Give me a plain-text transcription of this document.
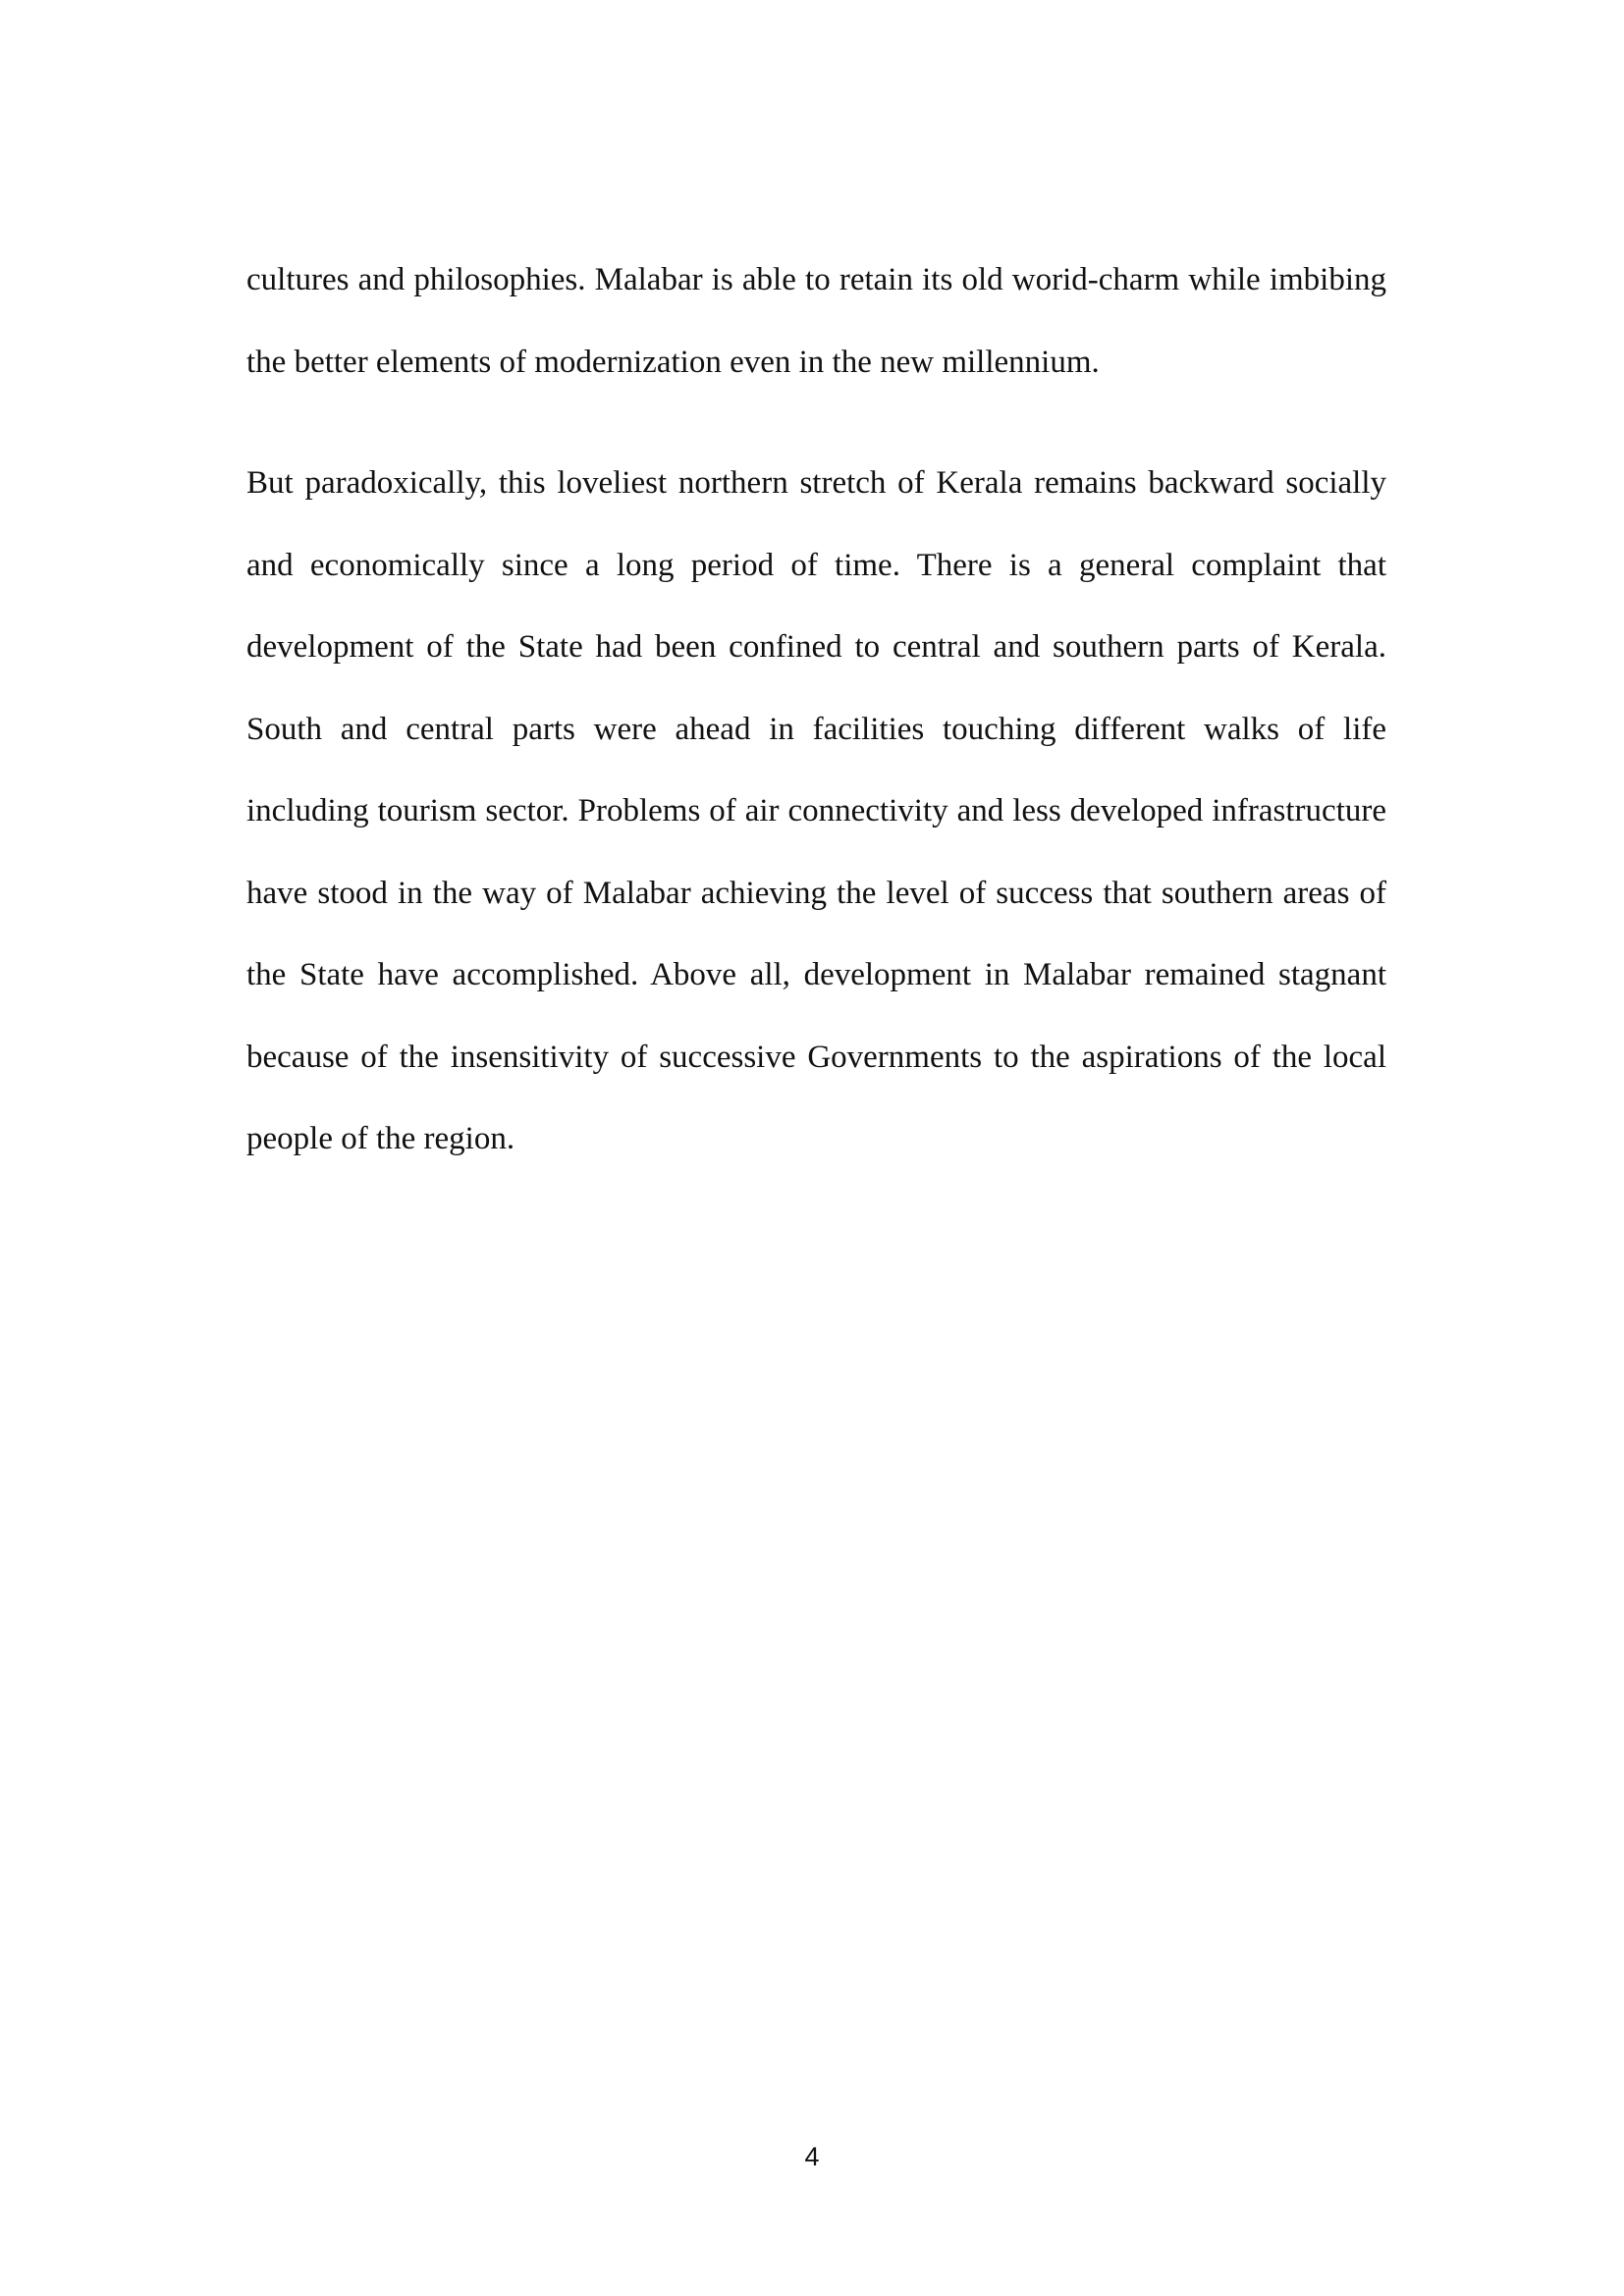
cultures and philosophies. Malabar is able to retain its old worid-charm while imbibing the better elements of modernization even in the new millennium.

But paradoxically, this loveliest northern stretch of Kerala remains backward socially and economically since a long period of time. There is a general complaint that development of the State had been confined to central and southern parts of Kerala. South and central parts were ahead in facilities touching different walks of life including tourism sector. Problems of air connectivity and less developed infrastructure have stood in the way of Malabar achieving the level of success that southern areas of the State have accomplished. Above all, development in Malabar remained stagnant because of the insensitivity of successive Governments to the aspirations of the local people of the region.

4
